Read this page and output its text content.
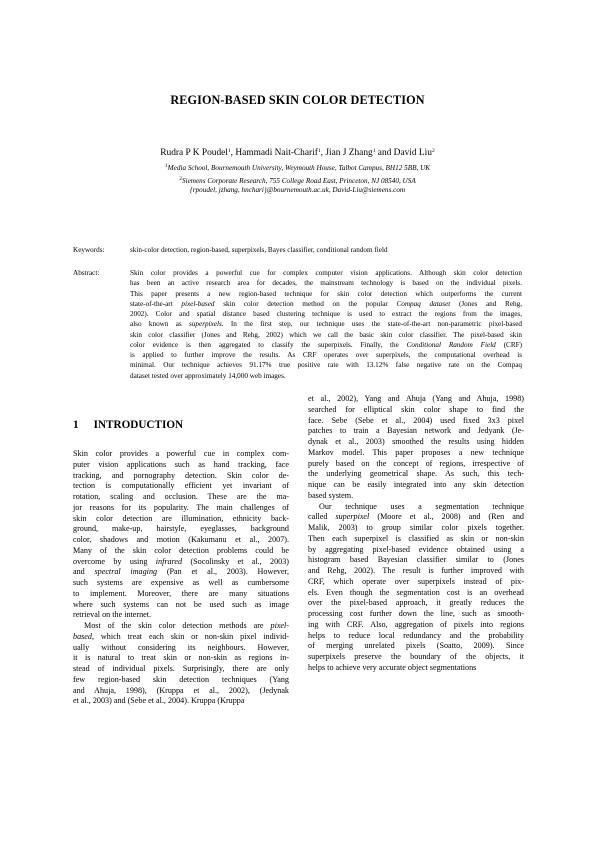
REGION-BASED SKIN COLOR DETECTION
Rudra P K Poudel$^1$, Hammadi Nait-Charif$^1$, Jian J Zhang$^1$ and David Liu$^2$
$^1$Media School, Bournemouth University, Weymouth House, Talbot Campus, BH12 5BB, UK
$^2$Siemens Corporate Research, 755 College Road East, Princeton, NJ 08540, USA
{rpoudel, jzhang, hnchari}@bournemouth.ac.uk, David-Liu@siemens.com
Keywords:	skin-color detection, region-based, superpixels, Bayes classifier, conditional random field
Abstract:	Skin color provides a powerful cue for complex computer vision applications. Although skin color detection
has been an active research area for decades, the mainstream technology is based on the individual pixels.
This paper presents a new region-based technique for skin color detection which outperforms the current
state-of-the-art pixel-based skin color detection method on the popular Compaq dataset (Jones and Rehg,
2002). Color and spatial distance based clustering technique is used to extract the regions from the images,
also known as superpixels. In the first step, our technique uses the state-of-the-art non-parametric pixel-based
skin color classifier (Jones and Rehg, 2002) which we call the basic skin color classifier. The pixel-based skin
color evidence is then aggregated to classify the superpixels. Finally, the Conditional Random Field (CRF)
is applied to further improve the results. As CRF operates over superpixels, the computational overhead is
minimal. Our technique achieves 91.17% true positive rate with 13.12% false negative rate on the Compaq
dataset tested over approximately 14,000 web images.
1 INTRODUCTION
Skin color provides a powerful cue in complex com-
puter vision applications such as hand tracking, face
tracking, and pornography detection. Skin color de-
tection is computationally efficient yet invariant of
rotation, scaling and occlusion. These are the ma-
jor reasons for its popularity. The main challenges of
skin color detection are illumination, ethnicity back-
ground, make-up, hairstyle, eyeglasses, background
color, shadows and motion (Kakumanu et al., 2007).
Many of the skin color detection problems could be
overcome by using infrared (Socolinsky et al., 2003)
and spectral imaging (Pan et al., 2003). However,
such systems are expensive as well as cumbersome
to implement. Moreover, there are many situations
where such systems can not be used such as image
retrieval on the internet.
Most of the skin color detection methods are pixel-
based, which treat each skin or non-skin pixel individ-
ually without considering its neighbours. However,
it is natural to treat skin or non-skin as regions in-
stead of individual pixels. Surprisingly, there are only
few region-based skin detection techniques (Yang
and Ahuja, 1998), (Kruppa et al., 2002), (Jedynak
et al., 2003) and (Sebe et al., 2004). Kruppa (Kruppa
et al., 2002), Yang and Ahuja (Yang and Ahuja, 1998)
searched for elliptical skin color shape to find the
face. Sebe (Sebe et al., 2004) used fixed 3x3 pixel
patches to train a Bayesian network and Jedyank (Je-
dynak et al., 2003) smoothed the results using hidden
Markov model. This paper proposes a new technique
purely based on the concept of regions, irrespective of
the underlying geometrical shape. As such, this tech-
nique can be easily integrated into any skin detection
based system.
Our technique uses a segmentation technique
called superpixel (Moore et al., 2008) and (Ren and
Malik, 2003) to group similar color pixels together.
Then each superpixel is classified as skin or non-skin
by aggregating pixel-based evidence obtained using a
histogram based Bayesian classifier similar to (Jones
and Rehg, 2002). The result is further improved with
CRF, which operate over superpixels instead of pix-
els. Even though the segmentation cost is an overhead
over the pixel-based approach, it greatly reduces the
processing cost further down the line, such as smooth-
ing with CRF. Also, aggregation of pixels into regions
helps to reduce local redundancy and the probability
of merging unrelated pixels (Soatto, 2009). Since
superpixels preserve the boundary of the objects, it
helps to achieve very accurate object segmentations
